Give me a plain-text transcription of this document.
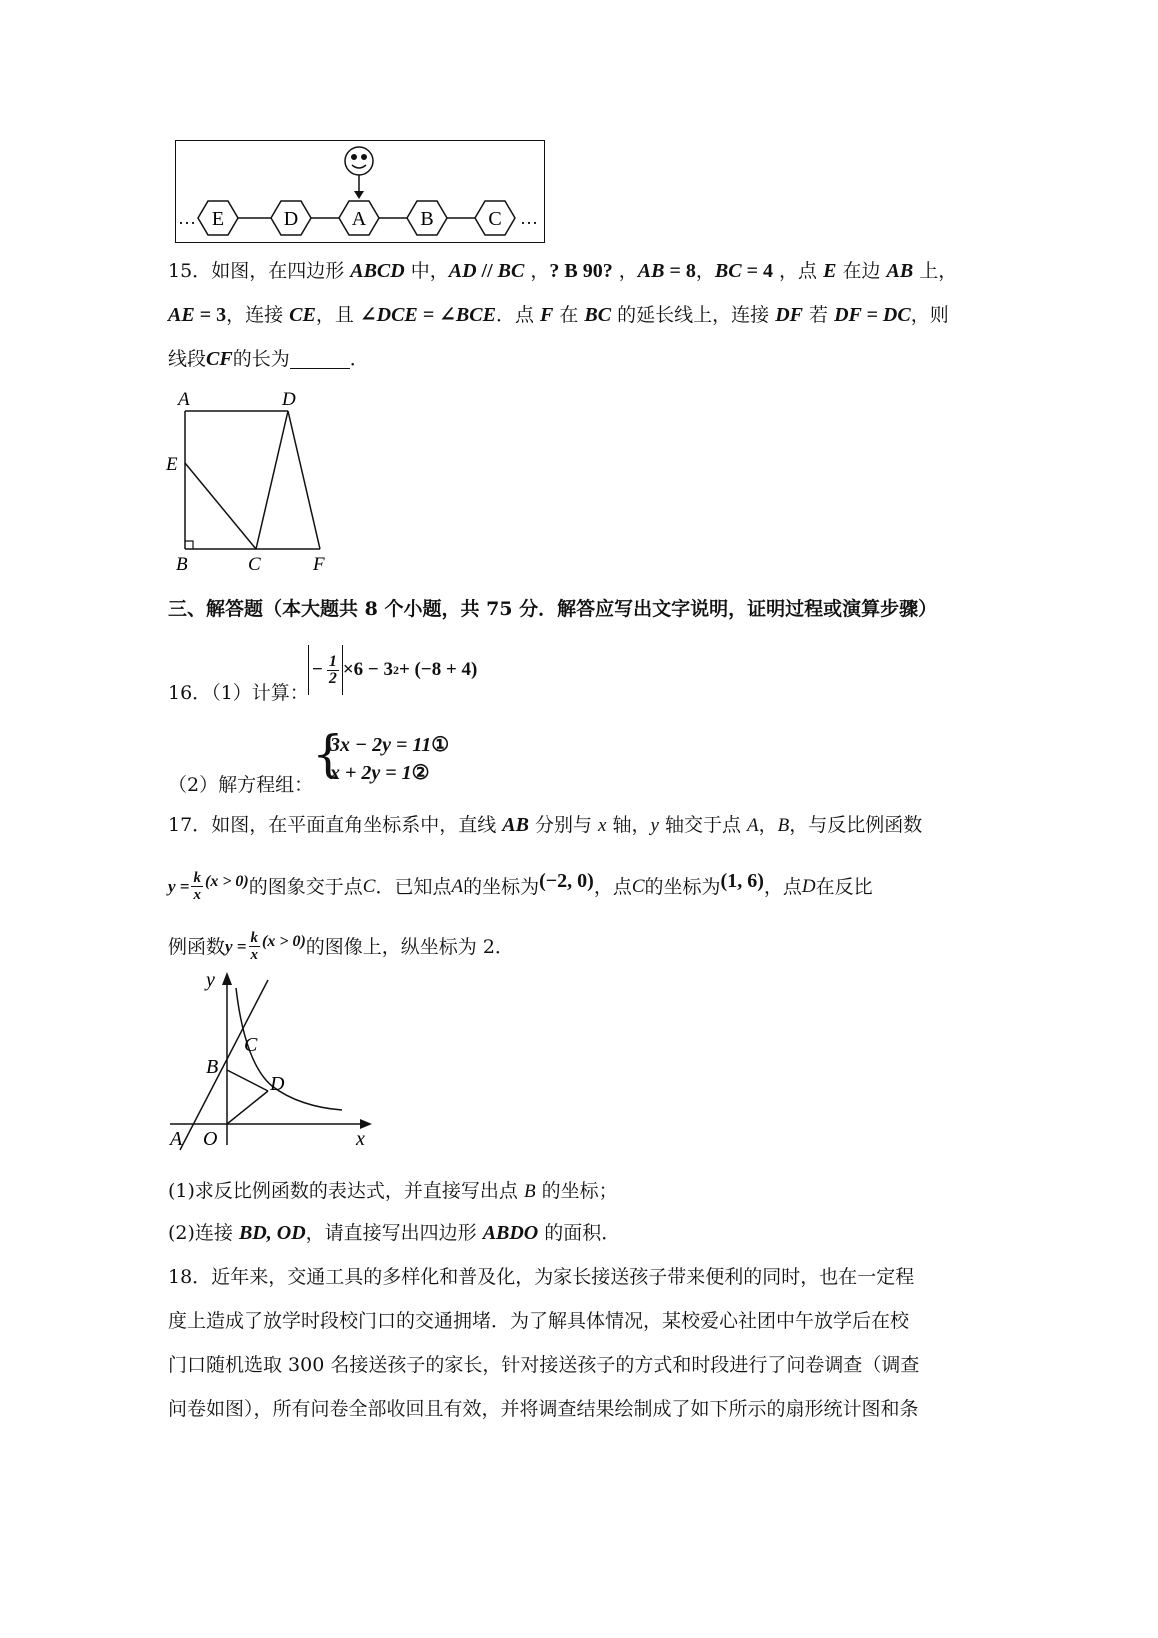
…	…
E	D	A	B	C
15．如图，在四边形 ABCD 中，AD // BC ，? B 90? ，AB = 8，BC = 4 ，点 E 在边 AB 上，
AE = 3，连接 CE，且 ∠DCE = ∠BCE．点 F 在 BC 的延长线上，连接 DF 若 DF = DC，则
线段CF的长为	．
A	D
E
B	C	F
三、解答题（本大题共 8 个小题，共 75 分．解答应写出文字说明，证明过程或演算步骤）
16．（1）计算：
− $\frac{1}{2} \times 6 - 3$ 2 + (−8 + 4)
（2）解方程组：
{
3x − 2y = 11①
x + 2y = 1②
17．如图，在平面直角坐标系中，直线 AB 分别与 x 轴，y 轴交于点 A，B，与反比例函数
$y = \frac{k}{x} (x > 0)$ 的图象交于点 C ．已知点 A 的坐标为 (−2, 0) ，点 C 的坐标为 (1, 6) ，点 D 在反比
例函数 $y = \frac{k}{x} (x > 0)$ 的图像上，纵坐标为 2．
y
x
C
B
D
A O
(1)求反比例函数的表达式，并直接写出点 B 的坐标；
(2)连接 BD, OD，请直接写出四边形 ABDO 的面积．
18．近年来，交通工具的多样化和普及化，为家长接送孩子带来便利的同时，也在一定程
度上造成了放学时段校门口的交通拥堵．为了解具体情况，某校爱心社团中午放学后在校
门口随机选取 300 名接送孩子的家长，针对接送孩子的方式和时段进行了问卷调查（调查
问卷如图），所有问卷全部收回且有效，并将调查结果绘制成了如下所示的扇形统计图和条
